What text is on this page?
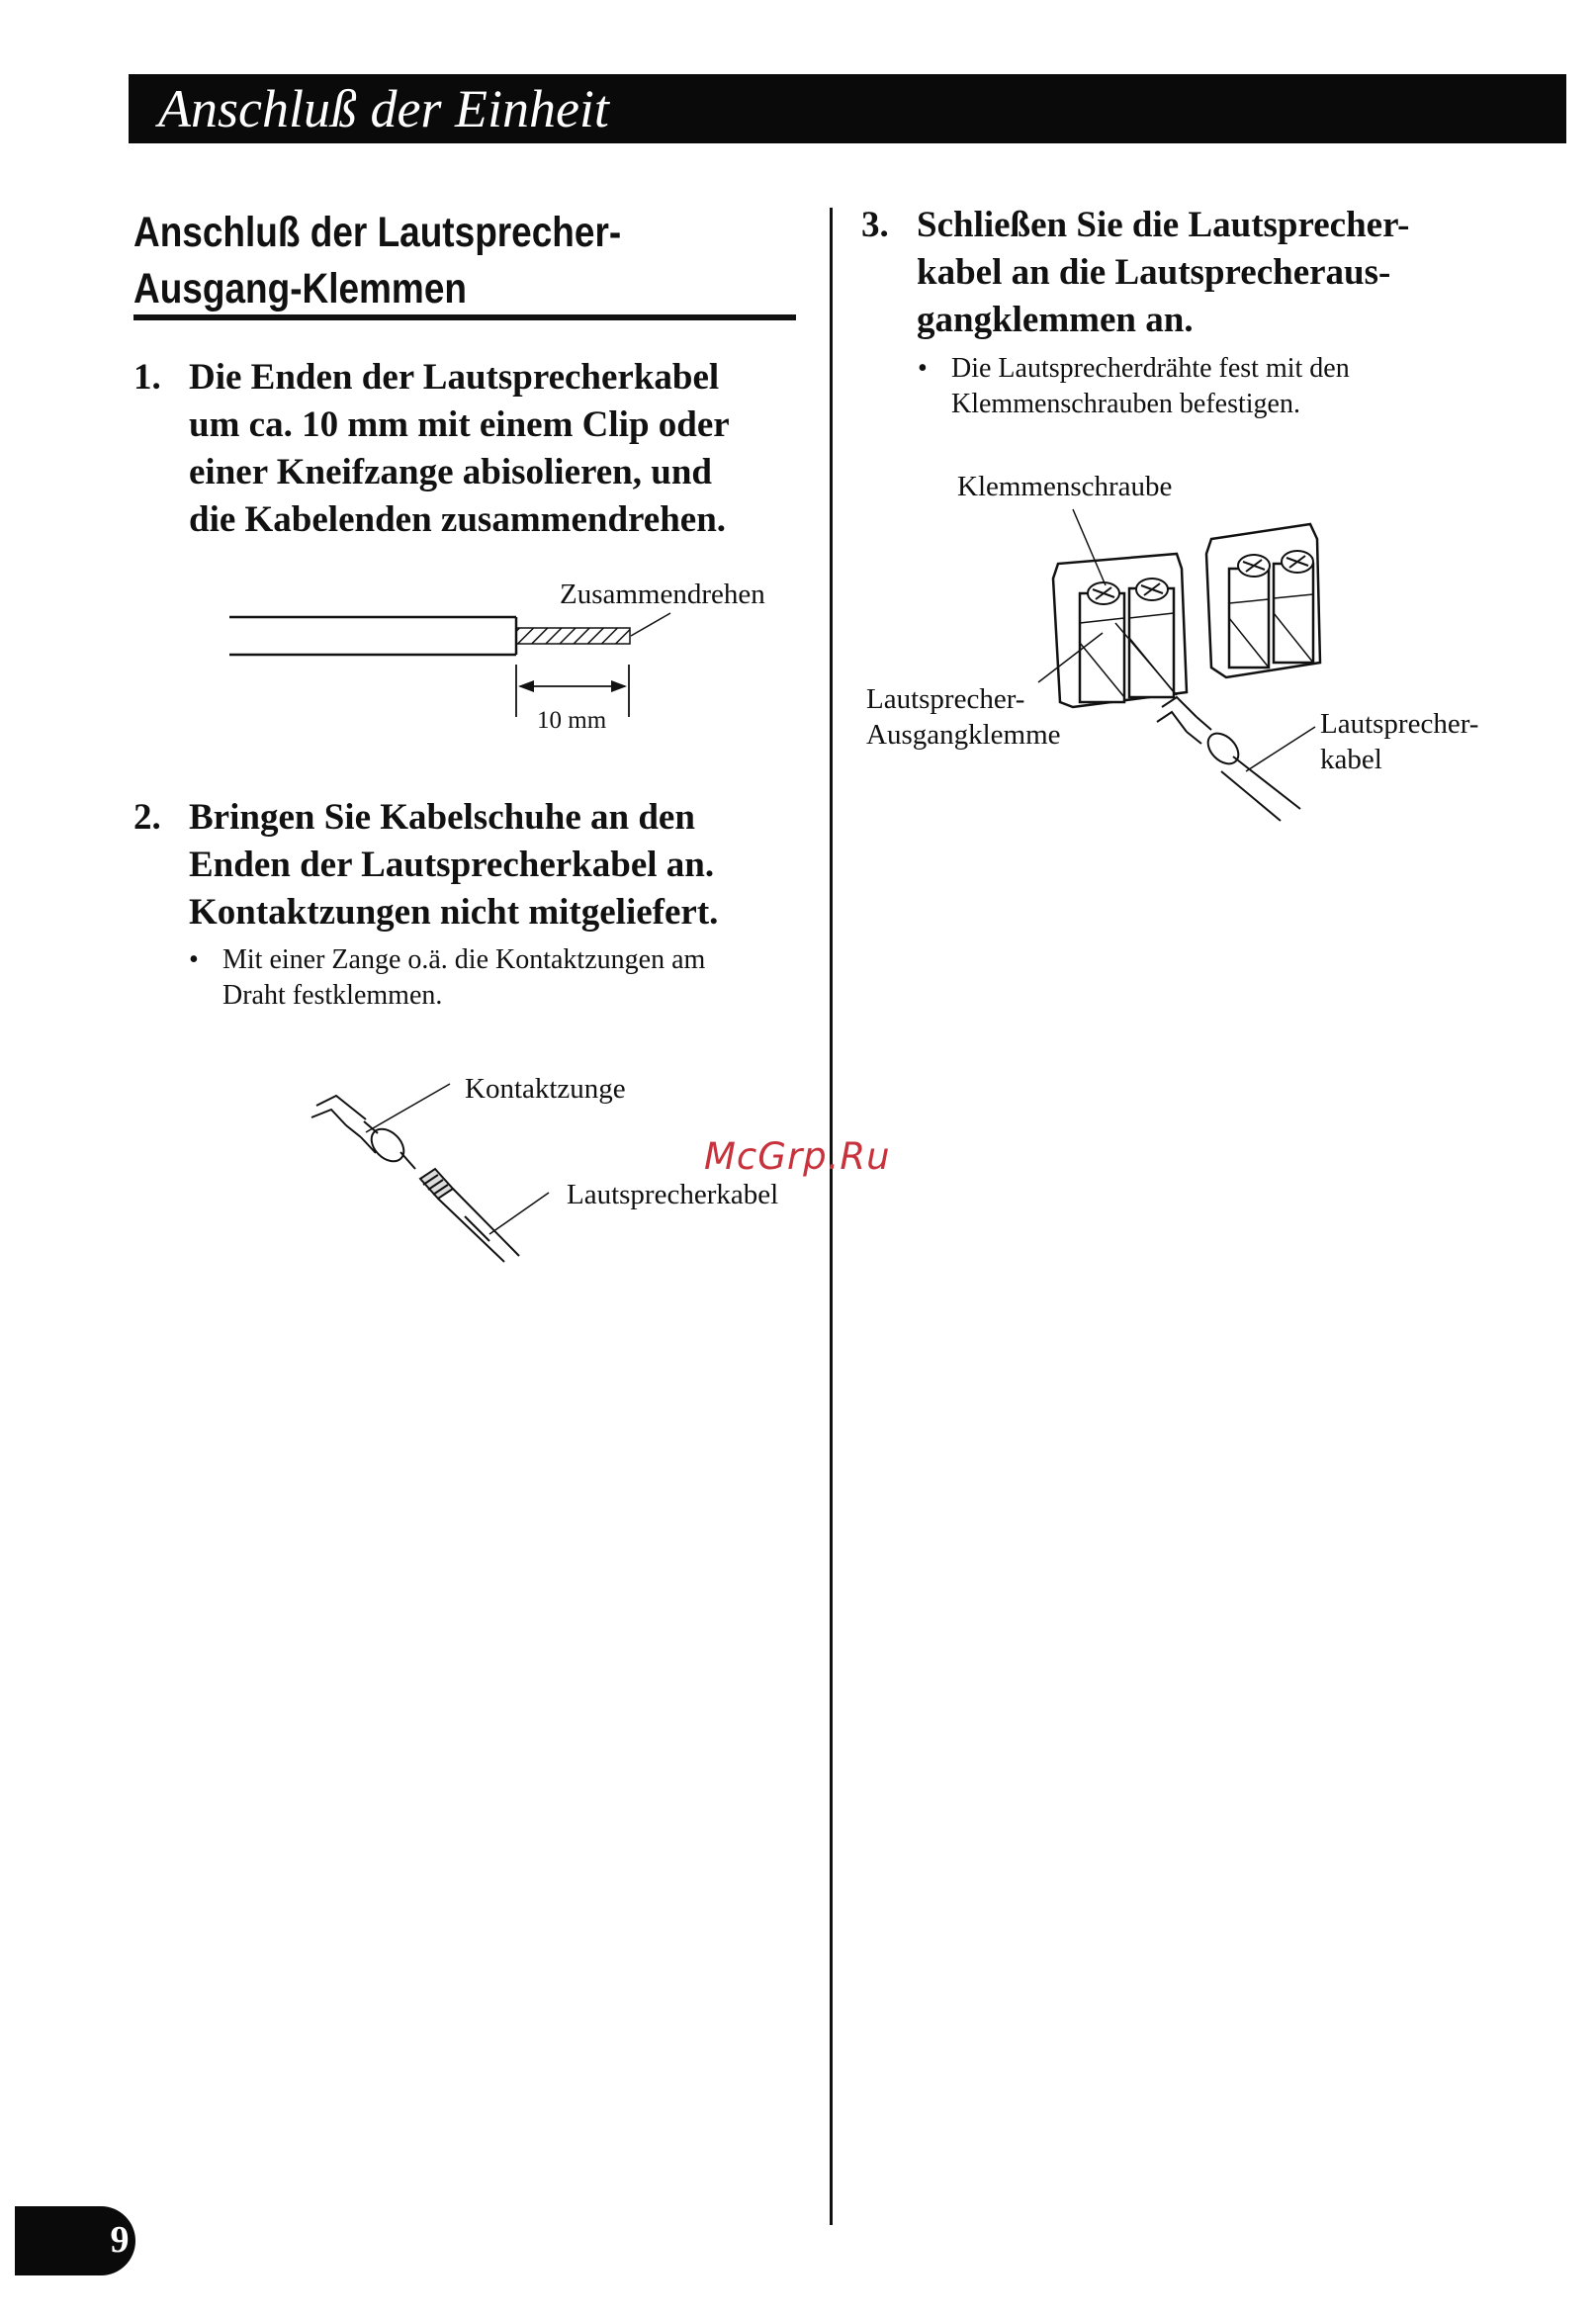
Anschluß der Einheit
Anschluß der Lautsprecher-
Ausgang-Klemmen
1. Die Enden der Lautsprecherkabel
um ca. 10 mm mit einem Clip oder
einer Kneifzange abisolieren, und
die Kabelenden zusammendrehen.
Zusammendrehen
10 mm
2. Bringen Sie Kabelschuhe an den
Enden der Lautsprecherkabel an.
Kontaktzungen nicht mitgeliefert.
• Mit einer Zange o.ä. die Kontaktzungen am
Draht festklemmen.
Kontaktzunge
Lautsprecherkabel
3. Schließen Sie die Lautsprecher-
kabel an die Lautsprecheraus-
gangklemmen an.
• Die Lautsprecherdrähte fest mit den
Klemmenschrauben befestigen.
Klemmenschraube
Lautsprecher-
Ausgangklemme	Lautsprecher-
kabel
McGrp.Ru
9
